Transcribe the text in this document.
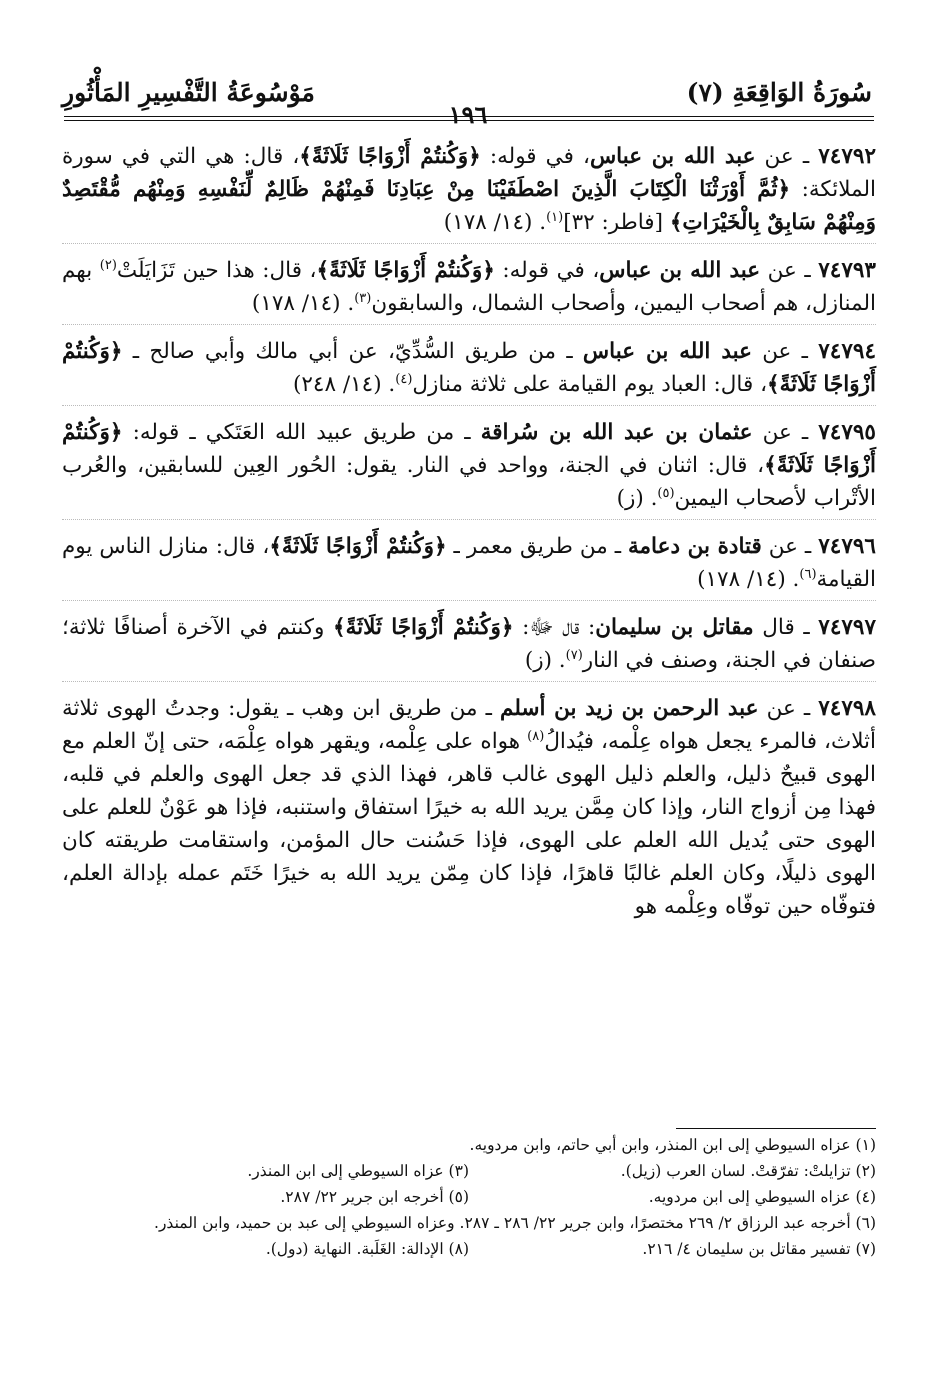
سُورَةُ الوَاقِعَةِ (٧)
مَوْسُوعَةُ التَّفْسِيرِ المَأْثُورِ
١٩٦

٧٤٧٩٢ ـ عن عبد الله بن عباس، في قوله: ﴿وَكُنتُمْ أَزْوَاجًا ثَلَاثَةً﴾، قال: هي التي في سورة الملائكة: ﴿ثُمَّ أَوْرَثْنَا الْكِتَابَ الَّذِينَ اصْطَفَيْنَا مِنْ عِبَادِنَا فَمِنْهُمْ ظَالِمٌ لِّنَفْسِهِ وَمِنْهُم مُّقْتَصِدٌ وَمِنْهُمْ سَابِقٌ بِالْخَيْرَاتِ﴾ [فاطر: ٣٢]$^{(١)}$. (١٤/ ١٧٨)

٧٤٧٩٣ ـ عن عبد الله بن عباس، في قوله: ﴿وَكُنتُمْ أَزْوَاجًا ثَلَاثَةً﴾، قال: هذا حين تَزَايَلَتْ$^{(٢)}$ بهم المنازل، هم أصحاب اليمين، وأصحاب الشمال، والسابقون$^{(٣)}$. (١٤/ ١٧٨)

٧٤٧٩٤ ـ عن عبد الله بن عباس ـ من طريق السُّدِّيّ، عن أبي مالك وأبي صالح ـ ﴿وَكُنتُمْ أَزْوَاجًا ثَلَاثَةً﴾، قال: العباد يوم القيامة على ثلاثة منازل$^{(٤)}$. (١٤/ ٢٤٨)

٧٤٧٩٥ ـ عن عثمان بن عبد الله بن سُراقة ـ من طريق عبيد الله العَتَكي ـ قوله: ﴿وَكُنتُمْ أَزْوَاجًا ثَلَاثَةً﴾، قال: اثنان في الجنة، وواحد في النار. يقول: الحُور العِين للسابقين، والعُرب الأتْراب لأصحاب اليمين$^{(٥)}$. (ز)

٧٤٧٩٦ ـ عن قتادة بن دعامة ـ من طريق معمر ـ ﴿وَكُنتُمْ أَزْوَاجًا ثَلَاثَةً﴾، قال: منازل الناس يوم القيامة$^{(٦)}$. (١٤/ ١٧٨)

٧٤٧٩٧ ـ قال مقاتل بن سليمان: قال ﷻ: ﴿وَكُنتُمْ أَزْوَاجًا ثَلَاثَةً﴾ وكنتم في الآخرة أصنافًا ثلاثة؛ صنفان في الجنة، وصنف في النار$^{(٧)}$. (ز)

٧٤٧٩٨ ـ عن عبد الرحمن بن زيد بن أسلم ـ من طريق ابن وهب ـ يقول: وجدتُ الهوى ثلاثة أثلاث، فالمرء يجعل هواه عِلْمه، فيُدالُ$^{(٨)}$ هواه على عِلْمه، ويقهر هواه عِلْمَه، حتى إنّ العلم مع الهوى قبيحٌ ذليل، والعلم ذليل الهوى غالب قاهر، فهذا الذي قد جعل الهوى والعلم في قلبه، فهذا مِن أزواج النار، وإذا كان مِمَّن يريد الله به خيرًا استفاق واستنبه، فإذا هو عَوْنٌ للعلم على الهوى حتى يُديل الله العلم على الهوى، فإذا حَسُنت حال المؤمن، واستقامت طريقته كان الهوى ذليلًا، وكان العلم غالبًا قاهرًا، فإذا كان مِمّن يريد الله به خيرًا خَتَم عمله بإدالة العلم، فتوفّاه حين توفّاه وعِلْمه هو

(١) عزاه السيوطي إلى ابن المنذر، وابن أبي حاتم، وابن مردويه.
(٢) تزايلتْ: تفرّقتْ. لسان العرب (زيل).
(٣) عزاه السيوطي إلى ابن المنذر.
(٤) عزاه السيوطي إلى ابن مردويه.
(٥) أخرجه ابن جرير ٢٢/ ٢٨٧.
(٦) أخرجه عبد الرزاق ٢/ ٢٦٩ مختصرًا، وابن جرير ٢٢/ ٢٨٦ ـ ٢٨٧. وعزاه السيوطي إلى عبد بن حميد، وابن المنذر.
(٧) تفسير مقاتل بن سليمان ٤/ ٢١٦.
(٨) الإدالة: الغَلَبة. النهاية (دول).
